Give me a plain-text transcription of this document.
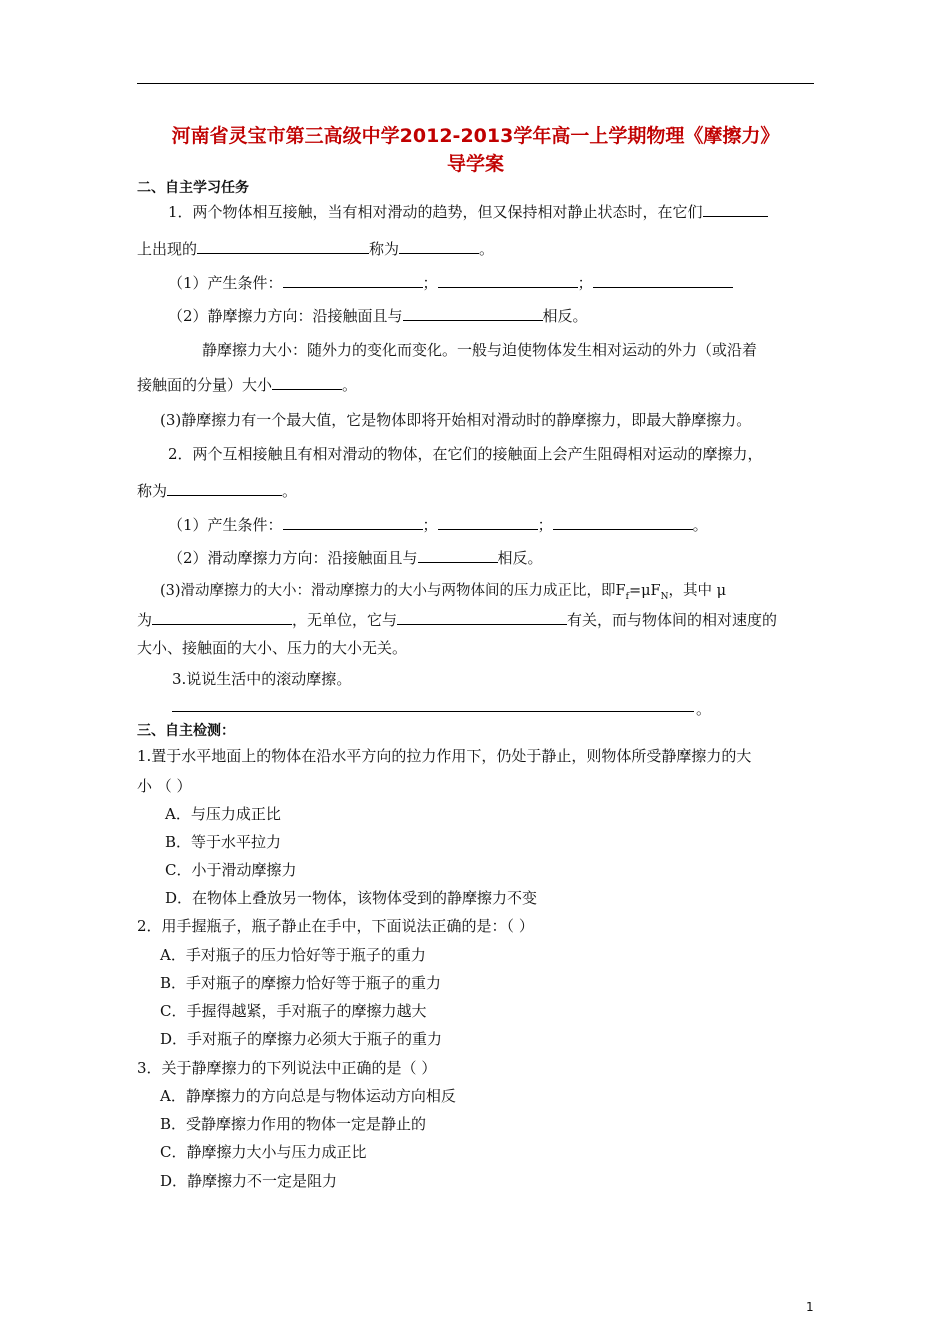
河南省灵宝市第三高级中学2012-2013学年高一上学期物理《摩擦力》
导学案
二、自主学习任务
1．两个物体相互接触，当有相对滑动的趋势，但又保持相对静止状态时，在它们
上出现的	称为	。
（1）产生条件：	；	；
（2）静摩擦力方向：沿接触面且与	相反。
静摩擦力大小：随外力的变化而变化。一般与迫使物体发生相对运动的外力（或沿着
接触面的分量）大小	。
(3)静摩擦力有一个最大值，它是物体即将开始相对滑动时的静摩擦力，即最大静摩擦力。
2．两个互相接触且有相对滑动的物体，在它们的接触面上会产生阻碍相对运动的摩擦力，
称为	。
（1）产生条件：	；	；	。
（2）滑动摩擦力方向：沿接触面且与	相反。
(3)滑动摩擦力的大小：滑动摩擦力的大小与两物体间的压力成正比，即$F_f=\mu F_N$，其中 μ
为	，无单位，它与	有关，而与物体间的相对速度的
大小、接触面的大小、压力的大小无关。
3.说说生活中的滚动摩擦。
。
三、自主检测：
1.置于水平地面上的物体在沿水平方向的拉力作用下，仍处于静止，则物体所受静摩擦力的大
小 （ ）
A．与压力成正比
B．等于水平拉力
C．小于滑动摩擦力
D．在物体上叠放另一物体，该物体受到的静摩擦力不变
2．用手握瓶子，瓶子静止在手中，下面说法正确的是：（ ）
A．手对瓶子的压力恰好等于瓶子的重力
B．手对瓶子的摩擦力恰好等于瓶子的重力
C．手握得越紧，手对瓶子的摩擦力越大
D．手对瓶子的摩擦力必须大于瓶子的重力
3．关于静摩擦力的下列说法中正确的是（ ）
A．静摩擦力的方向总是与物体运动方向相反
B．受静摩擦力作用的物体一定是静止的
C．静摩擦力大小与压力成正比
D．静摩擦力不一定是阻力
1
